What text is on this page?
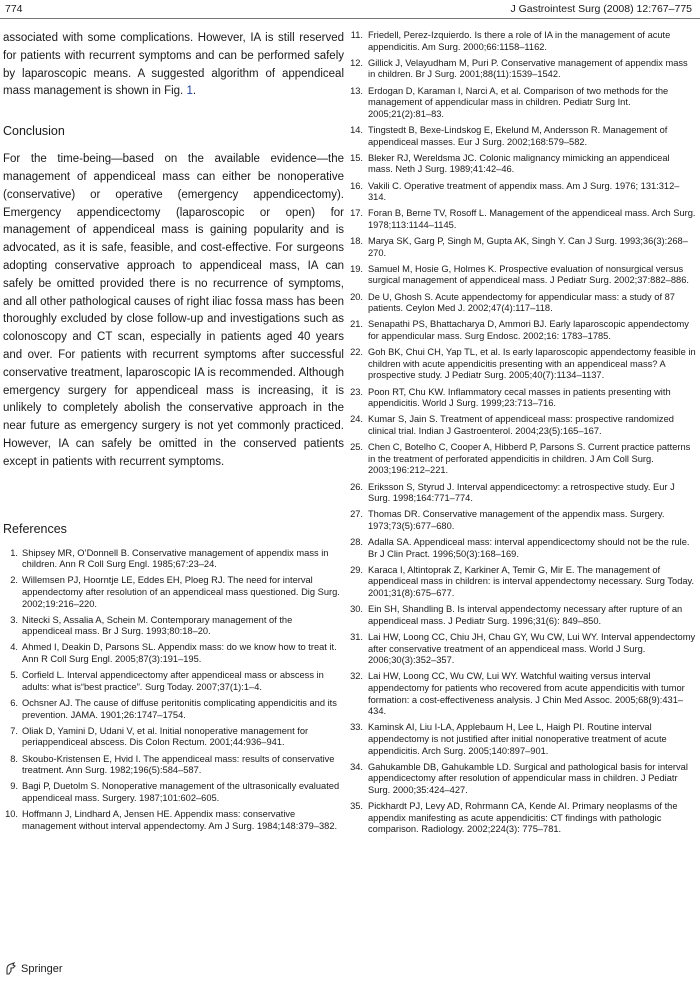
774	J Gastrointest Surg (2008) 12:767–775

associated with some complications. However, IA is still reserved for patients with recurrent symptoms and can be performed safely by laparoscopic means. A suggested algorithm of appendiceal mass management is shown in Fig. 1.

Conclusion

For the time-being—based on the available evidence—the management of appendiceal mass can either be nonoperative (conservative) or operative (emergency appendicectomy). Emergency appendicectomy (laparoscopic or open) for management of appendiceal mass is gaining popularity and is advocated, as it is safe, feasible, and cost-effective. For surgeons adopting conservative approach to appendiceal mass, IA can safely be omitted provided there is no recurrence of symptoms, and all other pathological causes of right iliac fossa mass has been thoroughly excluded by close follow-up and investigations such as colonoscopy and CT scan, especially in patients aged 40 years and over. For patients with recurrent symptoms after successful conservative treatment, laparoscopic IA is recommended. Although emergency surgery for appendiceal mass is increasing, it is unlikely to completely abolish the conservative approach in the near future as emergency surgery is not yet commonly practiced. However, IA can safely be omitted in the conserved patients except in patients with recurrent symptoms.

References
1. Shipsey MR, O’Donnell B. Conservative management of appendix mass in children. Ann R Coll Surg Engl. 1985;67:23–24.
2. Willemsen PJ, Hoorntje LE, Eddes EH, Ploeg RJ. The need for interval appendectomy after resolution of an appendiceal mass questioned. Dig Surg. 2002;19:216–220.
3. Nitecki S, Assalia A, Schein M. Contemporary management of the appendiceal mass. Br J Surg. 1993;80:18–20.
4. Ahmed I, Deakin D, Parsons SL. Appendix mass: do we know how to treat it. Ann R Coll Surg Engl. 2005;87(3):191–195.
5. Corfield L. Interval appendicectomy after appendiceal mass or abscess in adults: what is“best practice”. Surg Today. 2007;37(1):1–4.
6. Ochsner AJ. The cause of diffuse peritonitis complicating appendicitis and its prevention. JAMA. 1901;26:1747–1754.
7. Oliak D, Yamini D, Udani V, et al. Initial nonoperative management for periappendiceal abscess. Dis Colon Rectum. 2001;44:936–941.
8. Skoubo-Kristensen E, Hvid I. The appendiceal mass: results of conservative treatment. Ann Surg. 1982;196(5):584–587.
9. Bagi P, Duetolm S. Nonoperative management of the ultrasonically evaluated appendiceal mass. Surgery. 1987;101:602–605.
10. Hoffmann J, Lindhard A, Jensen HE. Appendix mass: conservative management without interval appendectomy. Am J Surg. 1984;148:379–382.
11. Friedell, Perez-Izquierdo. Is there a role of IA in the management of acute appendicitis. Am Surg. 2000;66:1158–1162.
12. Gillick J, Velayudham M, Puri P. Conservative management of appendix mass in children. Br J Surg. 2001;88(11):1539–1542.
13. Erdogan D, Karaman I, Narci A, et al. Comparison of two methods for the management of appendicular mass in children. Pediatr Surg Int. 2005;21(2):81–83.
14. Tingstedt B, Bexe-Lindskog E, Ekelund M, Andersson R. Management of appendiceal masses. Eur J Surg. 2002;168:579–582.
15. Bleker RJ, Wereldsma JC. Colonic malignancy mimicking an appendiceal mass. Neth J Surg. 1989;41:42–46.
16. Vakili C. Operative treatment of appendix mass. Am J Surg. 1976; 131:312–314.
17. Foran B, Berne TV, Rosoff L. Management of the appendiceal mass. Arch Surg. 1978;113:1144–1145.
18. Marya SK, Garg P, Singh M, Gupta AK, Singh Y. Can J Surg. 1993;36(3):268–270.
19. Samuel M, Hosie G, Holmes K. Prospective evaluation of nonsurgical versus surgical management of appendiceal mass. J Pediatr Surg. 2002;37:882–886.
20. De U, Ghosh S. Acute appendectomy for appendicular mass: a study of 87 patients. Ceylon Med J. 2002;47(4):117–118.
21. Senapathi PS, Bhattacharya D, Ammori BJ. Early laparoscopic appendectomy for appendicular mass. Surg Endosc. 2002;16: 1783–1785.
22. Goh BK, Chui CH, Yap TL, et al. Is early laparoscopic appendectomy feasible in children with acute appendicitis presenting with an appendiceal mass? A prospective study. J Pediatr Surg. 2005;40(7):1134–1137.
23. Poon RT, Chu KW. Inflammatory cecal masses in patients presenting with appendicitis. World J Surg. 1999;23:713–716.
24. Kumar S, Jain S. Treatment of appendiceal mass: prospective randomized clinical trial. Indian J Gastroenterol. 2004;23(5):165–167.
25. Chen C, Botelho C, Cooper A, Hibberd P, Parsons S. Current practice patterns in the treatment of perforated appendicitis in children. J Am Coll Surg. 2003;196:212–221.
26. Eriksson S, Styrud J. Interval appendicectomy: a retrospective study. Eur J Surg. 1998;164:771–774.
27. Thomas DR. Conservative management of the appendix mass. Surgery. 1973;73(5):677–680.
28. Adalla SA. Appendiceal mass: interval appendicectomy should not be the rule. Br J Clin Pract. 1996;50(3):168–169.
29. Karaca I, Altintoprak Z, Karkiner A, Temir G, Mir E. The management of appendiceal mass in children: is interval appendectomy necessary. Surg Today. 2001;31(8):675–677.
30. Ein SH, Shandling B. Is interval appendectomy necessary after rupture of an appendiceal mass. J Pediatr Surg. 1996;31(6): 849–850.
31. Lai HW, Loong CC, Chiu JH, Chau GY, Wu CW, Lui WY. Interval appendectomy after conservative treatment of an appendiceal mass. World J Surg. 2006;30(3):352–357.
32. Lai HW, Loong CC, Wu CW, Lui WY. Watchful waiting versus interval appendectomy for patients who recovered from acute appendicitis with tumor formation: a cost-effectiveness analysis. J Chin Med Assoc. 2005;68(9):431–434.
33. Kaminsk AI, Liu I-LA, Applebaum H, Lee L, Haigh PI. Routine interval appendectomy is not justified after initial nonoperative treatment of acute appendicitis. Arch Surg. 2005;140:897–901.
34. Gahukamble DB, Gahukamble LD. Surgical and pathological basis for interval appendicectomy after resolution of appendicular mass in children. J Pediatr Surg. 2000;35:424–427.
35. Pickhardt PJ, Levy AD, Rohrmann CA, Kende AI. Primary neoplasms of the appendix manifesting as acute appendicitis: CT findings with pathologic comparison. Radiology. 2002;224(3): 775–781.
Springer
